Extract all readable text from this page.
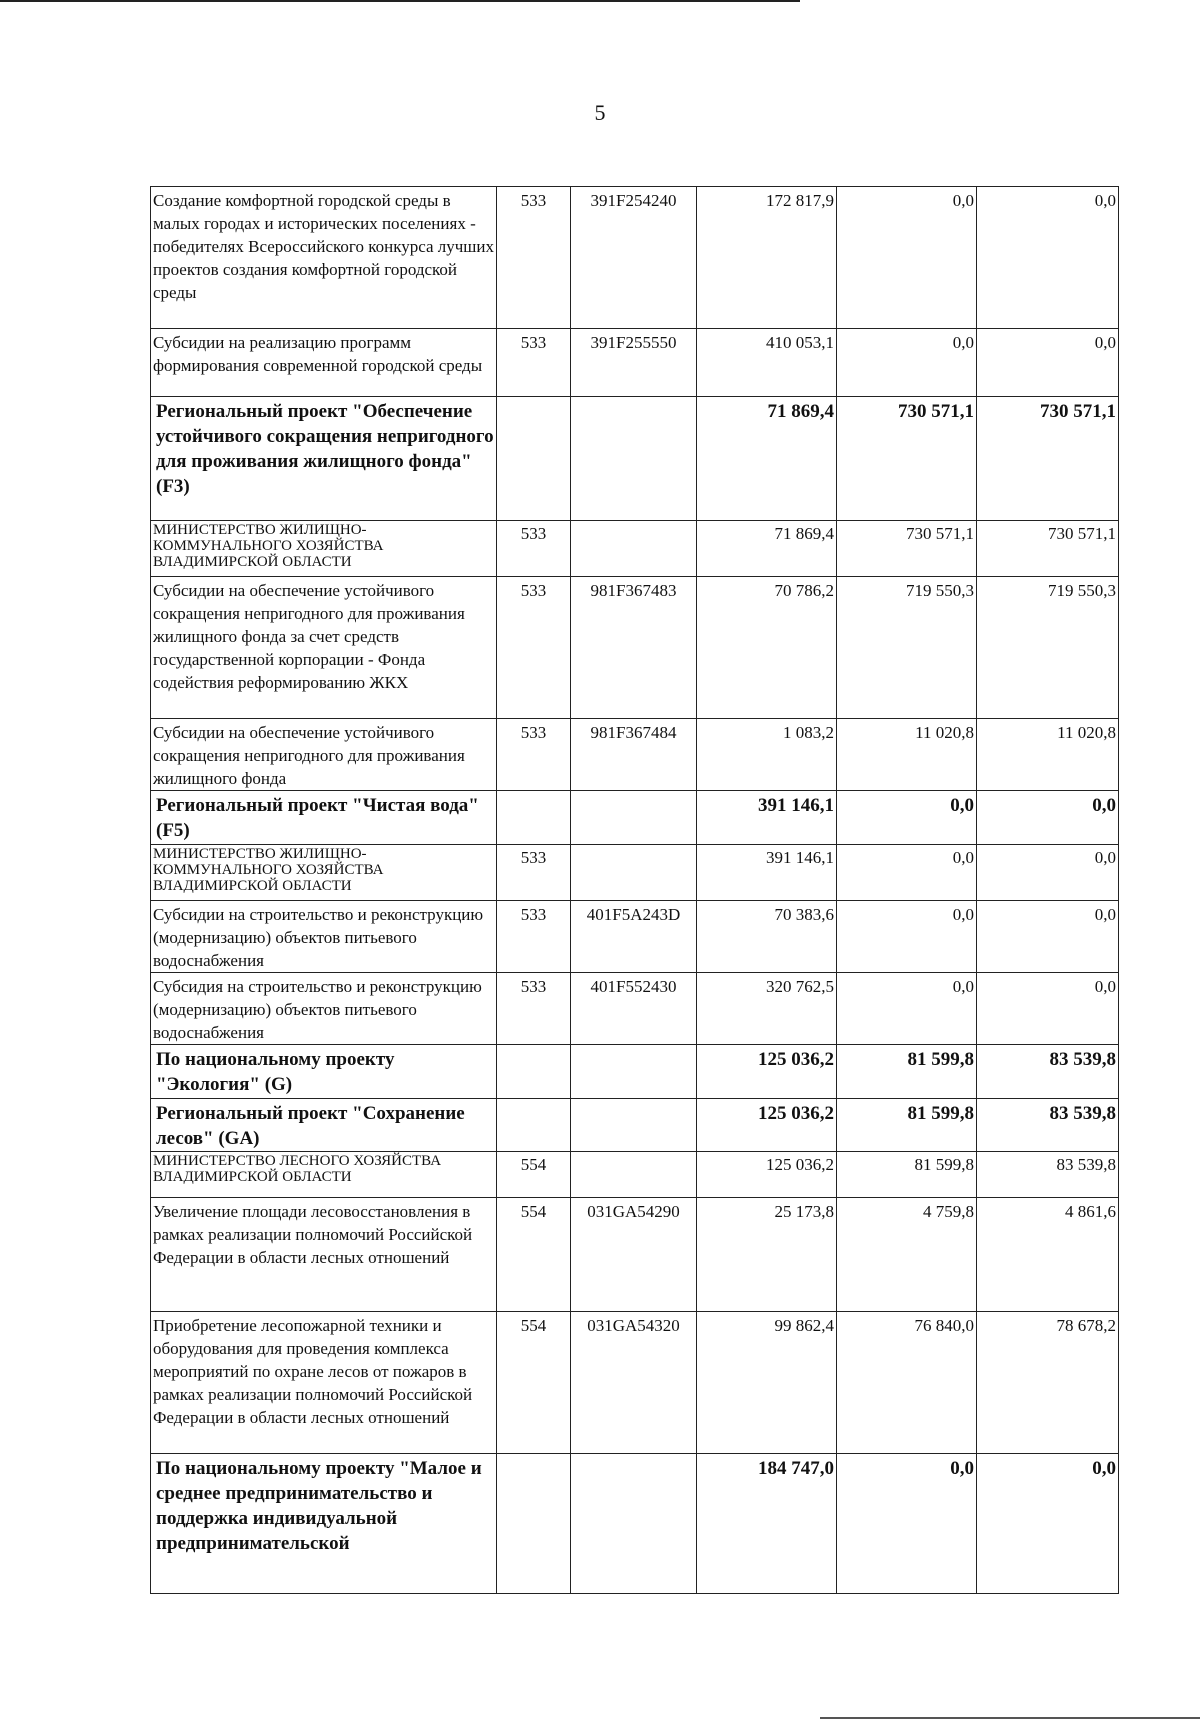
5
Создание комфортной городской среды в малых городах и исторических поселениях - победителях Всероссийского конкурса лучших проектов создания комфортной городской среды	533	391F254240	172 817,9	0,0	0,0
Субсидии на реализацию программ формирования современной городской среды	533	391F255550	410 053,1	0,0	0,0
Региональный проект "Обеспечение устойчивого сокращения непригодного для проживания жилищного фонда" (F3)			71 869,4	730 571,1	730 571,1
МИНИСТЕРСТВО ЖИЛИЩНО-КОММУНАЛЬНОГО ХОЗЯЙСТВА ВЛАДИМИРСКОЙ ОБЛАСТИ	533		71 869,4	730 571,1	730 571,1
Субсидии на обеспечение устойчивого сокращения непригодного для проживания жилищного фонда за счет средств государственной корпорации - Фонда содействия реформированию ЖКХ	533	981F367483	70 786,2	719 550,3	719 550,3
Субсидии на обеспечение устойчивого сокращения непригодного для проживания жилищного фонда	533	981F367484	1 083,2	11 020,8	11 020,8
Региональный проект "Чистая вода" (F5)			391 146,1	0,0	0,0
МИНИСТЕРСТВО ЖИЛИЩНО-КОММУНАЛЬНОГО ХОЗЯЙСТВА ВЛАДИМИРСКОЙ ОБЛАСТИ	533		391 146,1	0,0	0,0
Субсидии на строительство и реконструкцию (модернизацию) объектов питьевого водоснабжения	533	401F5A243D	70 383,6	0,0	0,0
Субсидия на строительство и реконструкцию (модернизацию) объектов питьевого водоснабжения	533	401F552430	320 762,5	0,0	0,0
По национальному проекту "Экология" (G)			125 036,2	81 599,8	83 539,8
Региональный проект "Сохранение лесов" (GA)			125 036,2	81 599,8	83 539,8
МИНИСТЕРСТВО ЛЕСНОГО ХОЗЯЙСТВА ВЛАДИМИРСКОЙ ОБЛАСТИ	554		125 036,2	81 599,8	83 539,8
Увеличение площади лесовосстановления в рамках реализации полномочий Российской Федерации в области лесных отношений	554	031GA54290	25 173,8	4 759,8	4 861,6
Приобретение лесопожарной техники и оборудования для проведения комплекса мероприятий по охране лесов от пожаров в рамках реализации полномочий Российской Федерации в области лесных отношений	554	031GA54320	99 862,4	76 840,0	78 678,2
По национальному проекту "Малое и среднее предпринимательство и поддержка индивидуальной предпринимательской			184 747,0	0,0	0,0
